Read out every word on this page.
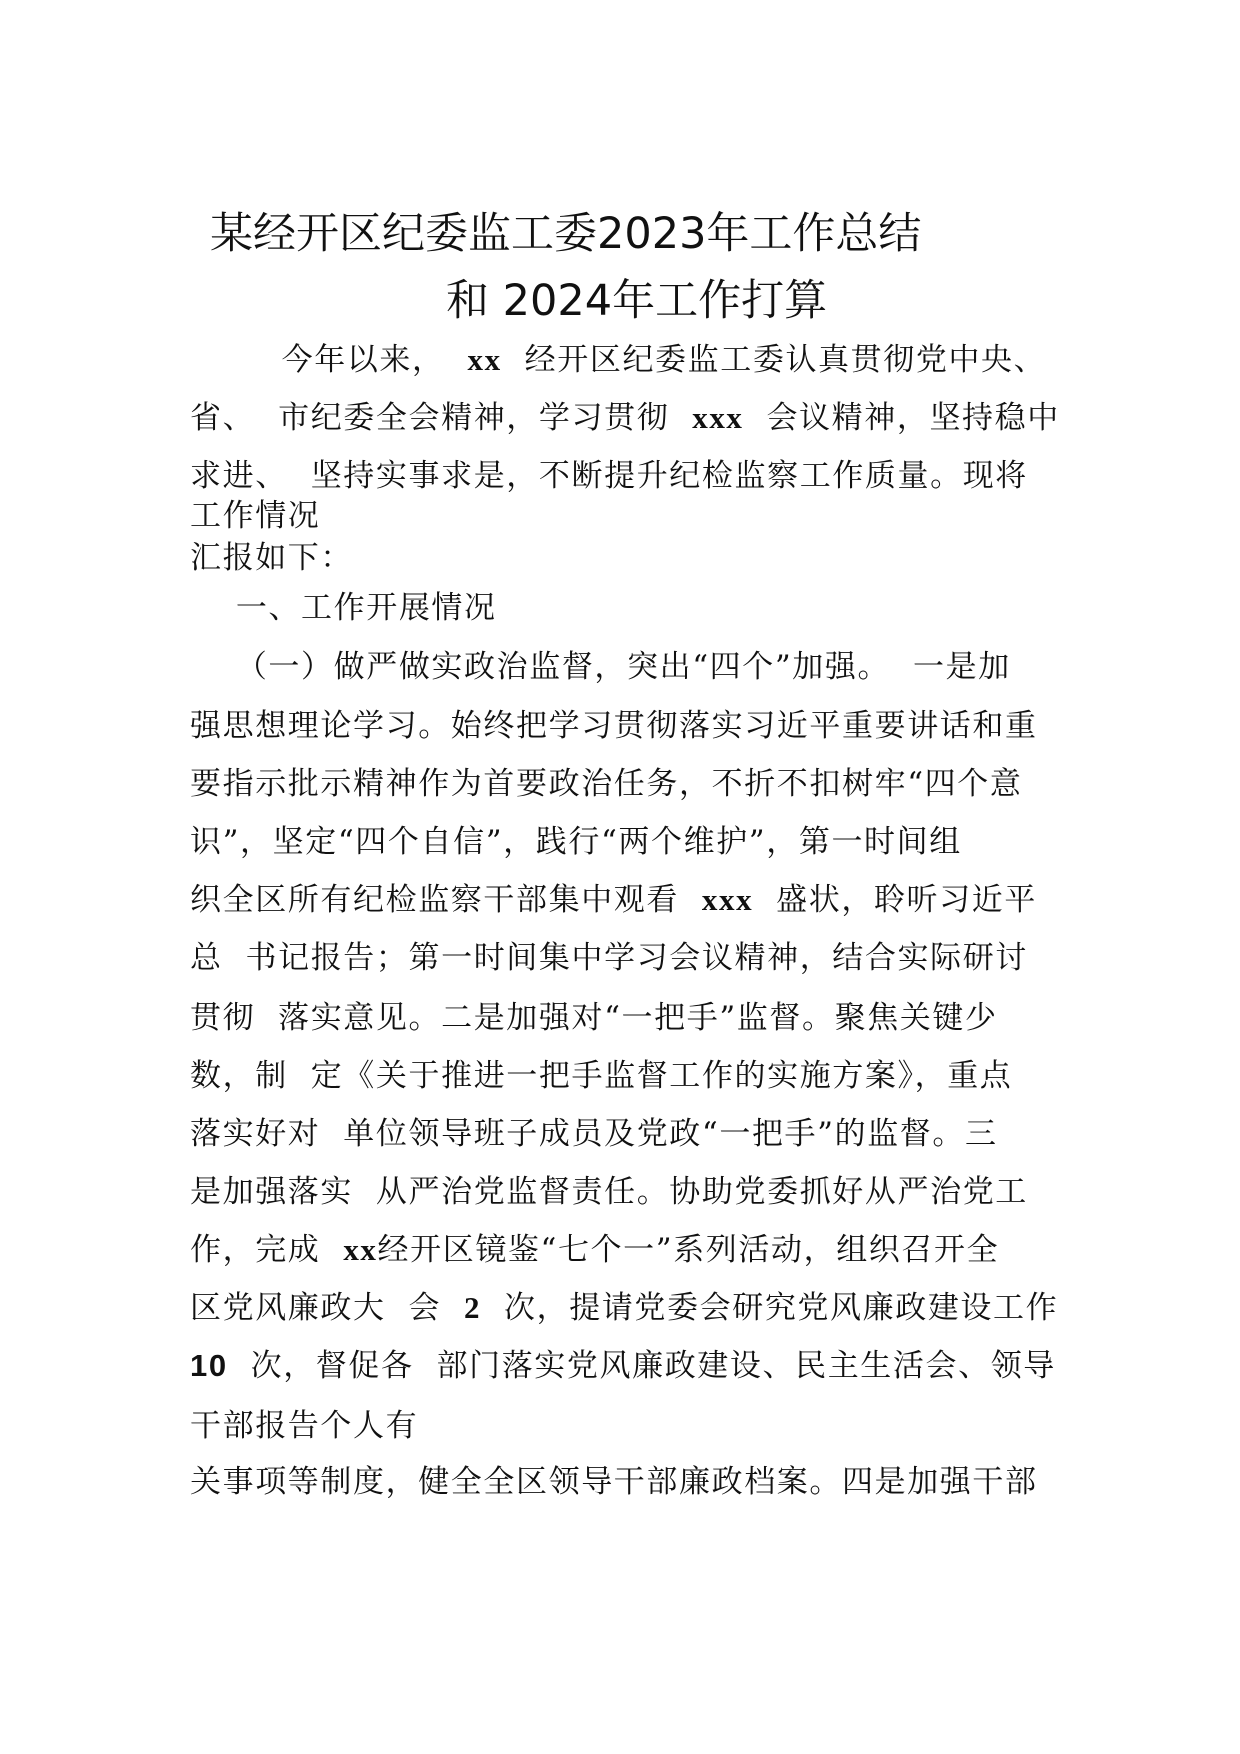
某经开区纪委监工委2023年工作总结
和 2024年工作打算
今年以来，  xx  经开区纪委监工委认真贯彻党中央、
省、  市纪委全会精神，学习贯彻  xxx  会议精神，坚持稳中
求进、  坚持实事求是，不断提升纪检监察工作质量。现将
工作情况
汇报如下：
一、工作开展情况
（一）做严做实政治监督，突出“四个”加强。  一是加
强思想理论学习。始终把学习贯彻落实习近平重要讲话和重
要指示批示精神作为首要政治任务，不折不扣树牢“四个意
识”，坚定“四个自信”，践行“两个维护”，第一时间组
织全区所有纪检监察干部集中观看  xxx  盛状，聆听习近平
总  书记报告；第一时间集中学习会议精神，结合实际研讨
贯彻  落实意见。二是加强对“一把手”监督。聚焦关键少
数，制  定《关于推进一把手监督工作的实施方案》，重点
落实好对  单位领导班子成员及党政“一把手”的监督。三
是加强落实  从严治党监督责任。协助党委抓好从严治党工
作，完成  xx经开区镜鉴“七个一”系列活动，组织召开全
区党风廉政大  会  2  次，提请党委会研究党风廉政建设工作
10  次，督促各  部门落实党风廉政建设、民主生活会、领导
干部报告个人有
关事项等制度，健全全区领导干部廉政档案。四是加强干部
